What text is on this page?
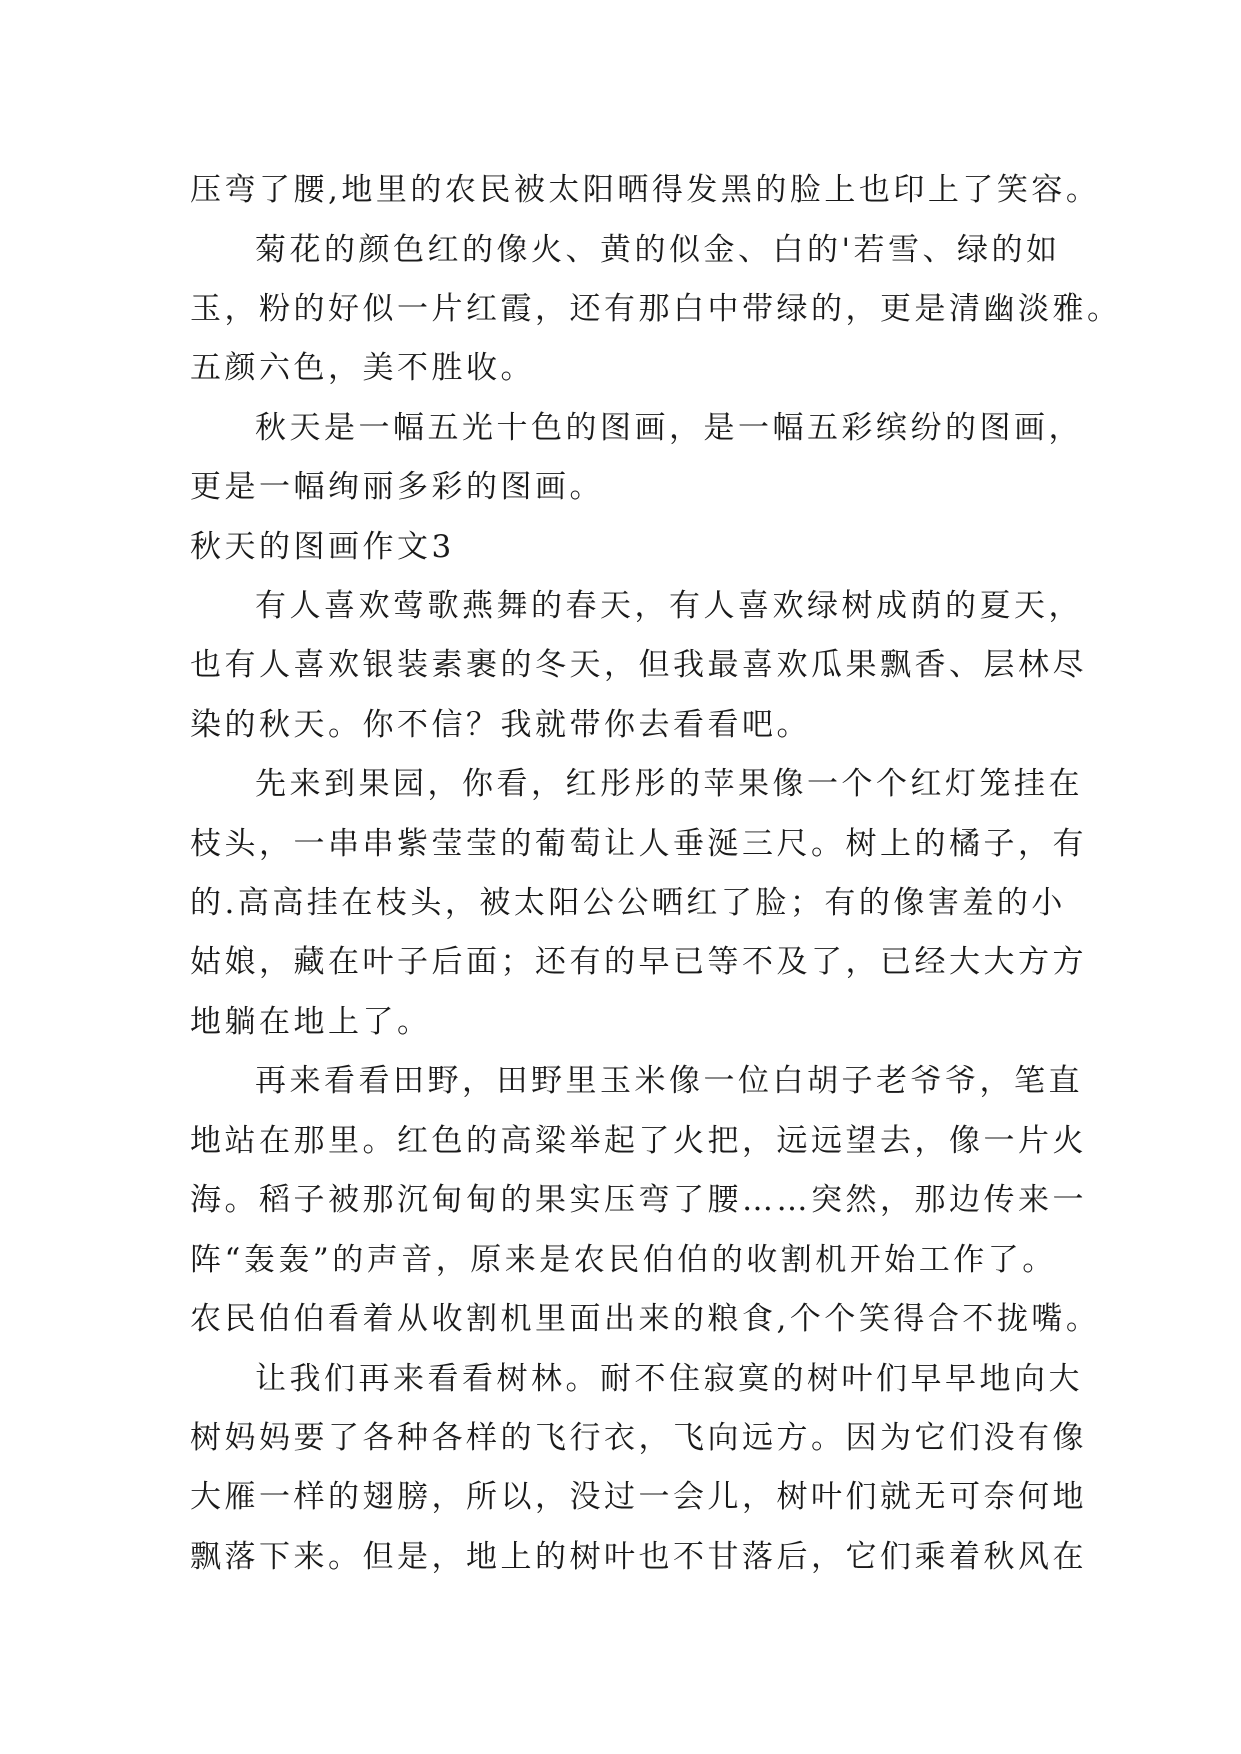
压弯了腰,地里的农民被太阳晒得发黑的脸上也印上了笑容。
菊花的颜色红的像火、黄的似金、白的'若雪、绿的如
玉，粉的好似一片红霞，还有那白中带绿的，更是清幽淡雅。
五颜六色，美不胜收。
秋天是一幅五光十色的图画，是一幅五彩缤纷的图画，
更是一幅绚丽多彩的图画。
秋天的图画作文3
有人喜欢莺歌燕舞的春天，有人喜欢绿树成荫的夏天，
也有人喜欢银装素裹的冬天，但我最喜欢瓜果飘香、层林尽
染的秋天。你不信？我就带你去看看吧。
先来到果园，你看，红彤彤的苹果像一个个红灯笼挂在
枝头，一串串紫莹莹的葡萄让人垂涎三尺。树上的橘子，有
的.高高挂在枝头，被太阳公公晒红了脸；有的像害羞的小
姑娘，藏在叶子后面；还有的早已等不及了，已经大大方方
地躺在地上了。
再来看看田野，田野里玉米像一位白胡子老爷爷，笔直
地站在那里。红色的高粱举起了火把，远远望去，像一片火
海。稻子被那沉甸甸的果实压弯了腰……突然，那边传来一
阵“轰轰”的声音，原来是农民伯伯的收割机开始工作了。
农民伯伯看着从收割机里面出来的粮食,个个笑得合不拢嘴。
让我们再来看看树林。耐不住寂寞的树叶们早早地向大
树妈妈要了各种各样的飞行衣，飞向远方。因为它们没有像
大雁一样的翅膀，所以，没过一会儿，树叶们就无可奈何地
飘落下来。但是，地上的树叶也不甘落后，它们乘着秋风在
